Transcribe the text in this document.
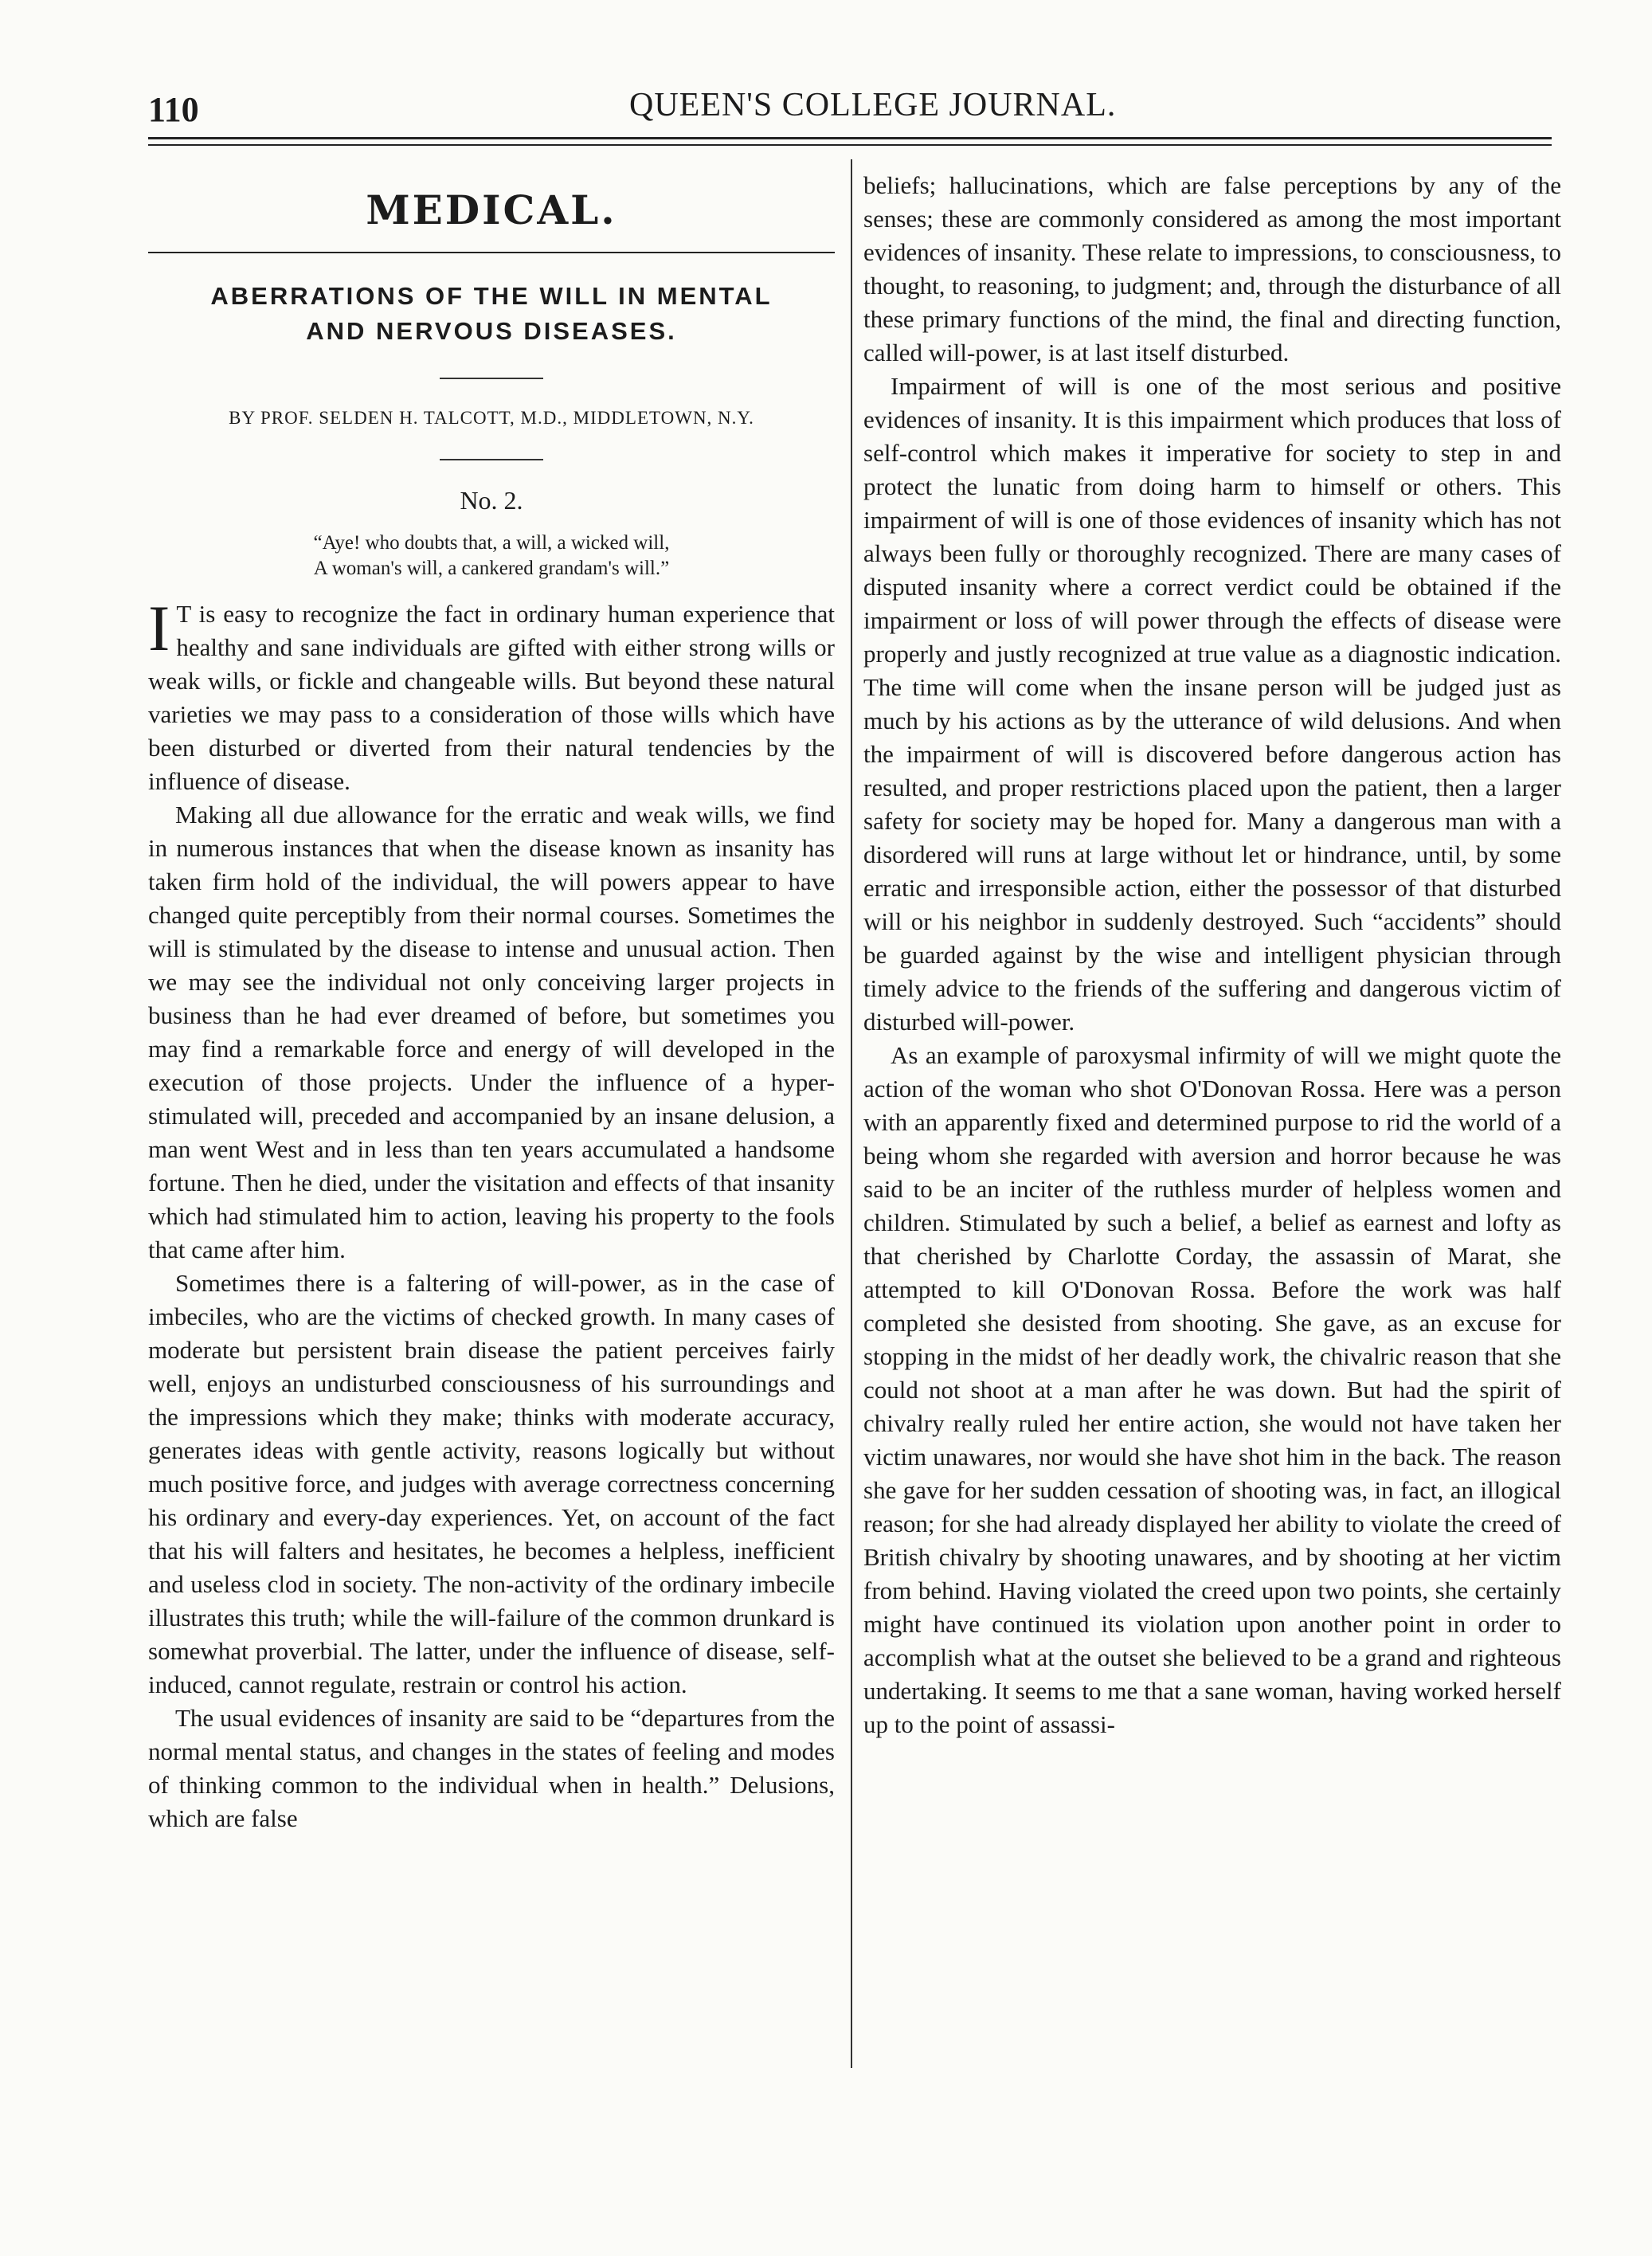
110	QUEEN'S COLLEGE JOURNAL.
MEDICAL.
ABERRATIONS OF THE WILL IN MENTAL
AND NERVOUS DISEASES.
BY PROF. SELDEN H. TALCOTT, M.D., MIDDLETOWN, N.Y.
No. 2.
“Aye! who doubts that, a will, a wicked will,
A woman's will, a cankered grandam's will.”

I T is easy to recognize the fact in ordinary human experience that healthy and sane individuals are gifted with either strong wills or weak wills, or fickle and changeable wills. But beyond these natural varieties we may pass to a consideration of those wills which have been disturbed or diverted from their natural tendencies by the influence of disease.

Making all due allowance for the erratic and weak wills, we find in numerous instances that when the disease known as insanity has taken firm hold of the individual, the will powers appear to have changed quite perceptibly from their normal courses. Sometimes the will is stimulated by the disease to intense and unusual action. Then we may see the individual not only conceiving larger projects in business than he had ever dreamed of before, but sometimes you may find a remarkable force and energy of will developed in the execution of those projects. Under the influence of a hyper-stimulated will, preceded and accompanied by an insane delusion, a man went West and in less than ten years accumulated a handsome fortune. Then he died, under the visitation and effects of that insanity which had stimulated him to action, leaving his property to the fools that came after him.

Sometimes there is a faltering of will-power, as in the case of imbeciles, who are the victims of checked growth. In many cases of moderate but persistent brain disease the patient perceives fairly well, enjoys an undisturbed consciousness of his surroundings and the impressions which they make; thinks with moderate accuracy, generates ideas with gentle activity, reasons logically but without much positive force, and judges with average correctness concerning his ordinary and every-day experiences. Yet, on account of the fact that his will falters and hesitates, he becomes a helpless, inefficient and useless clod in society. The non-activity of the ordinary imbecile illustrates this truth; while the will-failure of the common drunkard is somewhat proverbial. The latter, under the influence of disease, self-induced, cannot regulate, restrain or control his action.

The usual evidences of insanity are said to be “departures from the normal mental status, and changes in the states of feeling and modes of thinking common to the individual when in health.” Delusions, which are false

beliefs; hallucinations, which are false perceptions by any of the senses; these are commonly considered as among the most important evidences of insanity. These relate to impressions, to consciousness, to thought, to reasoning, to judgment; and, through the disturbance of all these primary functions of the mind, the final and directing function, called will-power, is at last itself disturbed.

Impairment of will is one of the most serious and positive evidences of insanity. It is this impairment which produces that loss of self-control which makes it imperative for society to step in and protect the lunatic from doing harm to himself or others. This impairment of will is one of those evidences of insanity which has not always been fully or thoroughly recognized. There are many cases of disputed insanity where a correct verdict could be obtained if the impairment or loss of will power through the effects of disease were properly and justly recognized at true value as a diagnostic indication. The time will come when the insane person will be judged just as much by his actions as by the utterance of wild delusions. And when the impairment of will is discovered before dangerous action has resulted, and proper restrictions placed upon the patient, then a larger safety for society may be hoped for. Many a dangerous man with a disordered will runs at large without let or hindrance, until, by some erratic and irresponsible action, either the possessor of that disturbed will or his neighbor in suddenly destroyed. Such “accidents” should be guarded against by the wise and intelligent physician through timely advice to the friends of the suffering and dangerous victim of disturbed will-power.

As an example of paroxysmal infirmity of will we might quote the action of the woman who shot O'Donovan Rossa. Here was a person with an apparently fixed and determined purpose to rid the world of a being whom she regarded with aversion and horror because he was said to be an inciter of the ruthless murder of helpless women and children. Stimulated by such a belief, a belief as earnest and lofty as that cherished by Charlotte Corday, the assassin of Marat, she attempted to kill O'Donovan Rossa. Before the work was half completed she desisted from shooting. She gave, as an excuse for stopping in the midst of her deadly work, the chivalric reason that she could not shoot at a man after he was down. But had the spirit of chivalry really ruled her entire action, she would not have taken her victim unawares, nor would she have shot him in the back. The reason she gave for her sudden cessation of shooting was, in fact, an illogical reason; for she had already displayed her ability to violate the creed of British chivalry by shooting unawares, and by shooting at her victim from behind. Having violated the creed upon two points, she certainly might have continued its violation upon another point in order to accomplish what at the outset she believed to be a grand and righteous undertaking. It seems to me that a sane woman, having worked herself up to the point of assassi-
